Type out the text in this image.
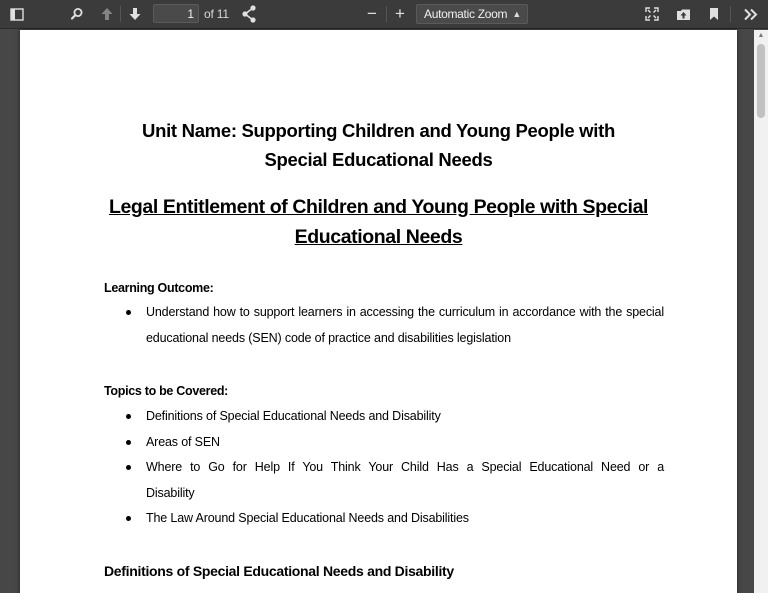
1
of 11	−	+	Automatic Zoom ▲

Unit Name: Supporting Children and Young People with
Special Educational Needs
Legal Entitlement of Children and Young People with Special
Educational Needs
Learning Outcome:
Understand how to support learners in accessing the curriculum in accordance with the special educational needs (SEN) code of practice and disabilities legislation
Topics to be Covered:
Definitions of Special Educational Needs and Disability
Areas of SEN
Where to Go for Help If You Think Your Child Has a Special Educational Need or a Disability
The Law Around Special Educational Needs and Disabilities
Definitions of Special Educational Needs and Disability
▲
